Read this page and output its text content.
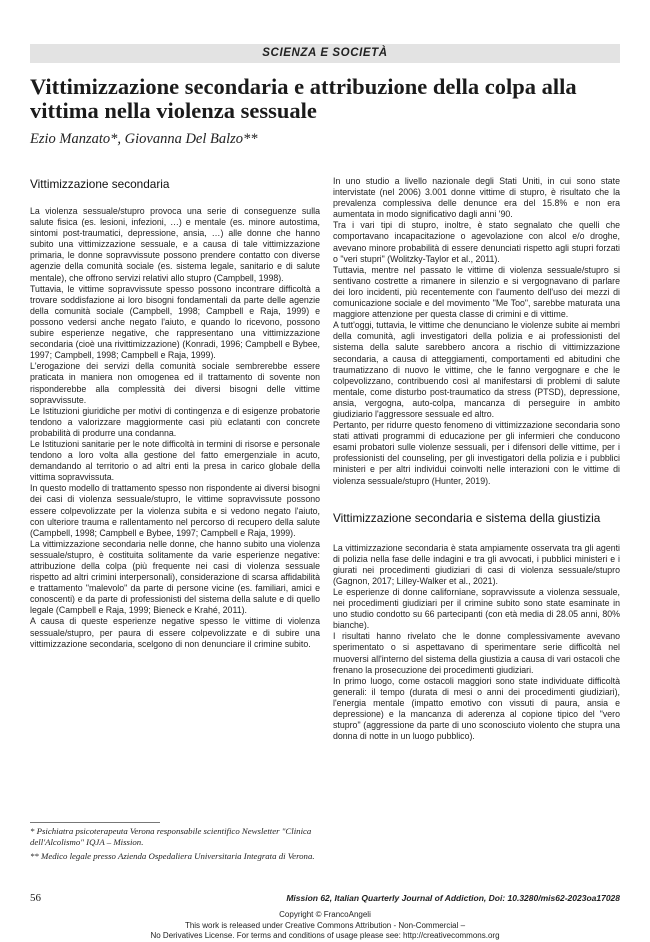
SCIENZA E SOCIETÀ
Vittimizzazione secondaria e attribuzione della colpa alla vittima nella violenza sessuale
Ezio Manzato*, Giovanna Del Balzo**
Vittimizzazione secondaria

La violenza sessuale/stupro provoca una serie di conseguenze sulla salute fisica (es. lesioni, infezioni, …) e mentale (es. minore autostima, sintomi post-traumatici, depressione, ansia, …) alle donne che hanno subito una vittimizzazione sessuale, e a causa di tale vittimizzazione primaria, le donne sopravvissute possono prendere contatto con diverse agenzie della comunità sociale (es. sistema legale, sanitario e di salute mentale), che offrono servizi relativi allo stupro (Campbell, 1998).

Tuttavia, le vittime sopravvissute spesso possono incontrare difficoltà a trovare soddisfazione ai loro bisogni fondamentali da parte delle agenzie della comunità sociale (Campbell, 1998; Campbell e Raja, 1999) e possono vedersi anche negato l'aiuto, e quando lo ricevono, possono subire esperienze negative, che rappresentano una vittimizzazione secondaria (cioè una rivittimizzazione) (Konradi, 1996; Campbell e Bybee, 1997; Campbell, 1998; Campbell e Raja, 1999).

L'erogazione dei servizi della comunità sociale sembrerebbe essere praticata in maniera non omogenea ed il trattamento di sovente non risponderebbe alla complessità dei diversi bisogni delle vittime sopravvissute.

Le Istituzioni giuridiche per motivi di contingenza e di esigenze probatorie tendono a valorizzare maggiormente casi più eclatanti con concrete probabilità di produrre una condanna.

Le Istituzioni sanitarie per le note difficoltà in termini di risorse e personale tendono a loro volta alla gestione del fatto emergenziale in acuto, demandando al territorio o ad altri enti la presa in carico globale della vittima sopravvissuta.

In questo modello di trattamento spesso non rispondente ai diversi bisogni dei casi di violenza sessuale/stupro, le vittime sopravvissute possono essere colpevolizzate per la violenza subita e si vedono negato l'aiuto, con ulteriore trauma e rallentamento nel percorso di recupero della salute (Campbell, 1998; Campbell e Bybee, 1997; Campbell e Raja, 1999).

La vittimizzazione secondaria nelle donne, che hanno subito una violenza sessuale/stupro, è costituita solitamente da varie esperienze negative: attribuzione della colpa (più frequente nei casi di violenza sessuale rispetto ad altri crimini interpersonali), considerazione di scarsa affidabilità e trattamento "malevolo" da parte di persone vicine (es. familiari, amici e conoscenti) e da parte di professionisti del sistema della salute e di quello legale (Campbell e Raja, 1999; Bieneck e Krahé, 2011).

A causa di queste esperienze negative spesso le vittime di violenza sessuale/stupro, per paura di essere colpevolizzate e di subire una vittimizzazione secondaria, scelgono di non denunciare il crimine subito.

* Psichiatra psicoterapeuta Verona responsabile scientifico Newsletter "Clinica dell'Alcolismo" IQJA – Mission.

** Medico legale presso Azienda Ospedaliera Universitaria Integrata di Verona.

In uno studio a livello nazionale degli Stati Uniti, in cui sono state intervistate (nel 2006) 3.001 donne vittime di stupro, è risultato che la prevalenza complessiva delle denunce era del 15.8% e non era aumentata in modo significativo dagli anni '90.

Tra i vari tipi di stupro, inoltre, è stato segnalato che quelli che comportavano incapacitazione o agevolazione con alcol e/o droghe, avevano minore probabilità di essere denunciati rispetto agli stupri forzati o "veri stupri" (Wolitzky-Taylor et al., 2011).

Tuttavia, mentre nel passato le vittime di violenza sessuale/stupro si sentivano costrette a rimanere in silenzio e si vergognavano di parlare dei loro incidenti, più recentemente con l'aumento dell'uso dei mezzi di comunicazione sociale e del movimento "Me Too", sarebbe maturata una maggiore attenzione per questa classe di crimini e di vittime.

A tutt'oggi, tuttavia, le vittime che denunciano le violenze subite ai membri della comunità, agli investigatori della polizia e ai professionisti del sistema della salute sarebbero ancora a rischio di vittimizzazione secondaria, a causa di atteggiamenti, comportamenti ed abitudini che traumatizzano di nuovo le vittime, che le fanno vergognare e che le colpevolizzano, contribuendo così al manifestarsi di problemi di salute mentale, come disturbo post-traumatico da stress (PTSD), depressione, ansia, vergogna, auto-colpa, mancanza di perseguire in ambito giudiziario l'aggressore sessuale ed altro.

Pertanto, per ridurre questo fenomeno di vittimizzazione secondaria sono stati attivati programmi di educazione per gli infermieri che conducono esami probatori sulle violenze sessuali, per i difensori delle vittime, per i professionisti del counseling, per gli investigatori della polizia e i pubblici ministeri e per altri individui coinvolti nelle interazioni con le vittime di violenza sessuale/stupro (Hunter, 2019).

Vittimizzazione secondaria e sistema della giustizia

La vittimizzazione secondaria è stata ampiamente osservata tra gli agenti di polizia nella fase delle indagini e tra gli avvocati, i pubblici ministeri e i giurati nei procedimenti giudiziari di casi di violenza sessuale/stupro (Gagnon, 2017; Lilley-Walker et al., 2021).

Le esperienze di donne californiane, sopravvissute a violenza sessuale, nei procedimenti giudiziari per il crimine subito sono state esaminate in uno studio condotto su 66 partecipanti (con età media di 28.05 anni, 80% bianche).

I risultati hanno rivelato che le donne complessivamente avevano sperimentato o si aspettavano di sperimentare serie difficoltà nel muoversi all'interno del sistema della giustizia a causa di vari ostacoli che frenano la prosecuzione dei procedimenti giudiziari.

In primo luogo, come ostacoli maggiori sono state individuate difficoltà generali: il tempo (durata di mesi o anni dei procedimenti giudiziari), l'energia mentale (impatto emotivo con vissuti di paura, ansia e depressione) e la mancanza di aderenza al copione tipico del "vero stupro" (aggressione da parte di uno sconosciuto violento che stupra una donna di notte in un luogo pubblico).

56	Mission 62, Italian Quarterly Journal of Addiction, Doi: 10.3280/mis62-2023oa17028
Copyright © FrancoAngeli
This work is released under Creative Commons Attribution - Non-Commercial –
No Derivatives License. For terms and conditions of usage please see: http://creativecommons.org
